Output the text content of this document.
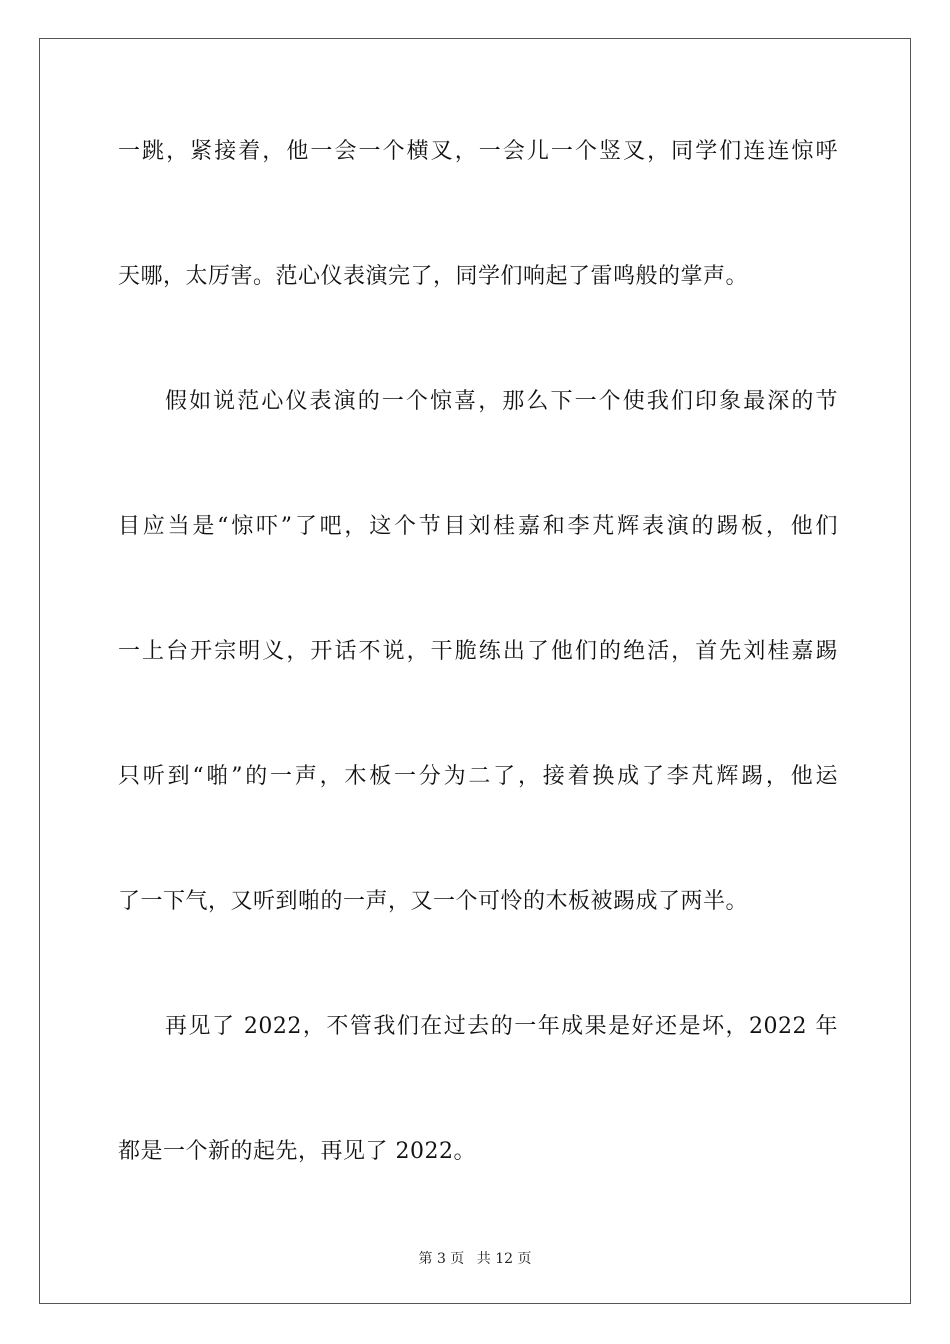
一跳，紧接着，他一会一个横叉，一会儿一个竖叉，同学们连连惊呼
天哪，太厉害。范心仪表演完了，同学们响起了雷鸣般的掌声。
假如说范心仪表演的一个惊喜，那么下一个使我们印象最深的节
目应当是“惊吓”了吧，这个节目刘桂嘉和李芃辉表演的踢板，他们
一上台开宗明义，开话不说，干脆练出了他们的绝活，首先刘桂嘉踢
只听到“啪”的一声，木板一分为二了，接着换成了李芃辉踢，他运
了一下气，又听到啪的一声，又一个可怜的木板被踢成了两半。
再见了 2022，不管我们在过去的一年成果是好还是坏，2022 年
都是一个新的起先，再见了 2022。
第 3 页 共 12 页
